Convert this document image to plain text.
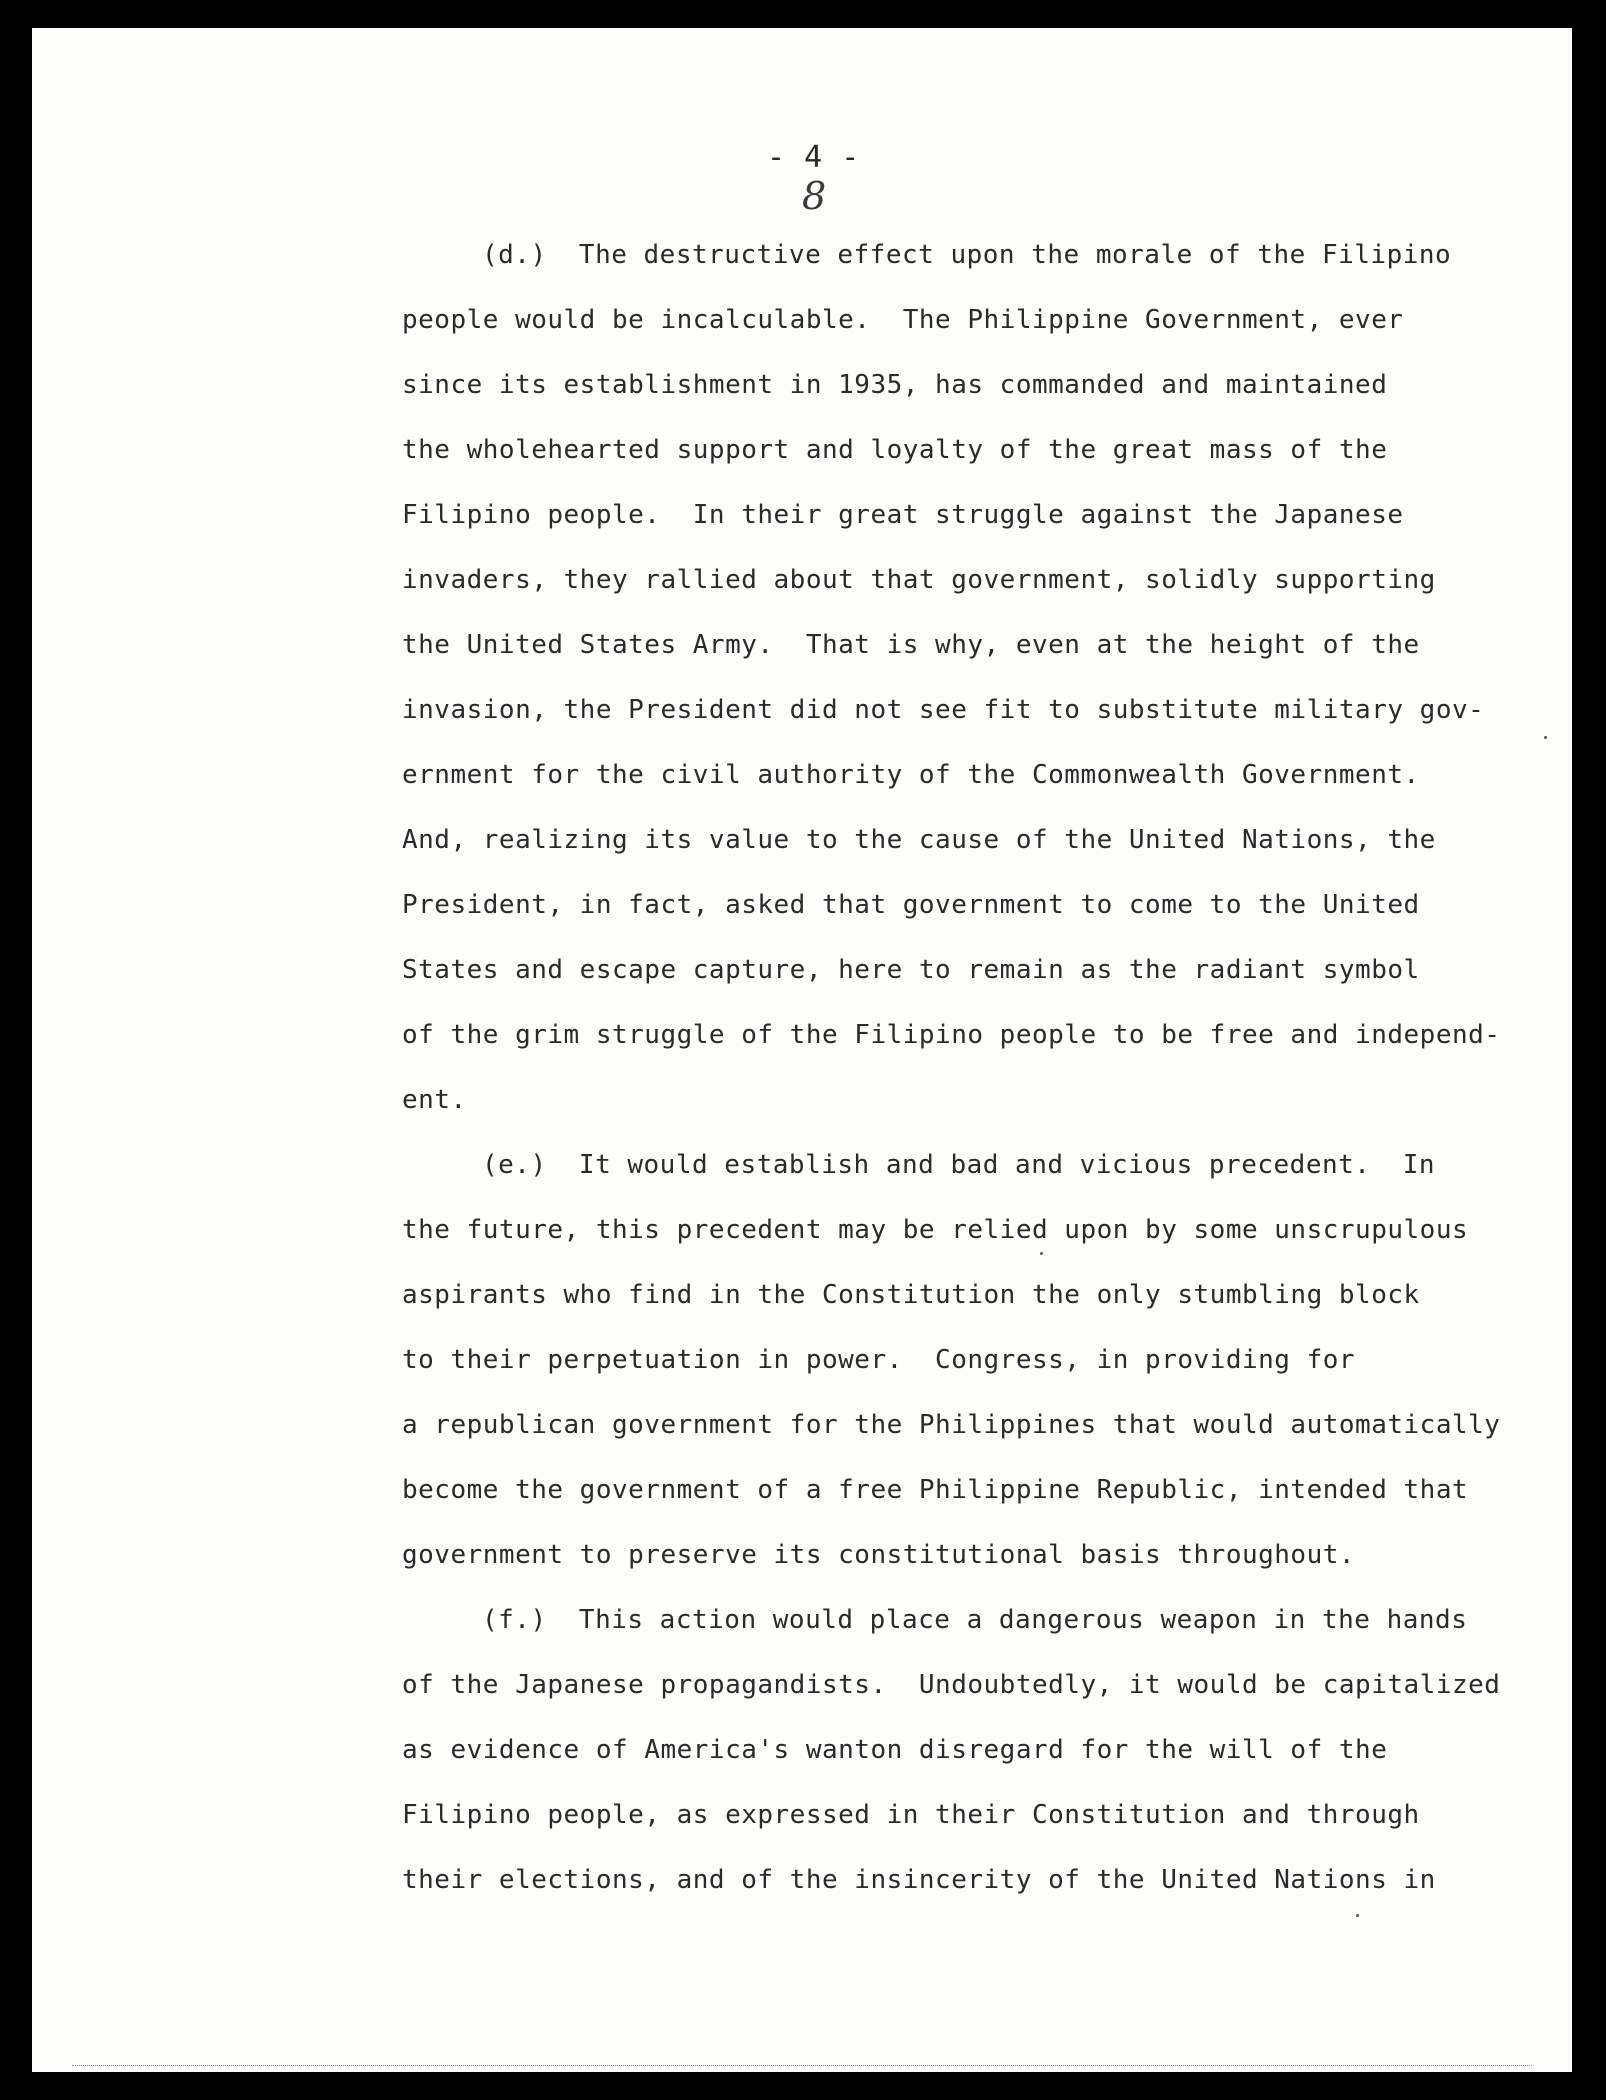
- 4 -
8
(d.)  The destructive effect upon the morale of the Filipino
people would be incalculable.  The Philippine Government, ever
since its establishment in 1935, has commanded and maintained
the wholehearted support and loyalty of the great mass of the
Filipino people.  In their great struggle against the Japanese
invaders, they rallied about that government, solidly supporting
the United States Army.  That is why, even at the height of the
invasion, the President did not see fit to substitute military gov-
ernment for the civil authority of the Commonwealth Government.
And, realizing its value to the cause of the United Nations, the
President, in fact, asked that government to come to the United
States and escape capture, here to remain as the radiant symbol
of the grim struggle of the Filipino people to be free and independ-
ent.
(e.)  It would establish and bad and vicious precedent.  In
the future, this precedent may be relied upon by some unscrupulous
aspirants who find in the Constitution the only stumbling block
to their perpetuation in power.  Congress, in providing for
a republican government for the Philippines that would automatically
become the government of a free Philippine Republic, intended that
government to preserve its constitutional basis throughout.
(f.)  This action would place a dangerous weapon in the hands
of the Japanese propagandists.  Undoubtedly, it would be capitalized
as evidence of America's wanton disregard for the will of the
Filipino people, as expressed in their Constitution and through
their elections, and of the insincerity of the United Nations in
